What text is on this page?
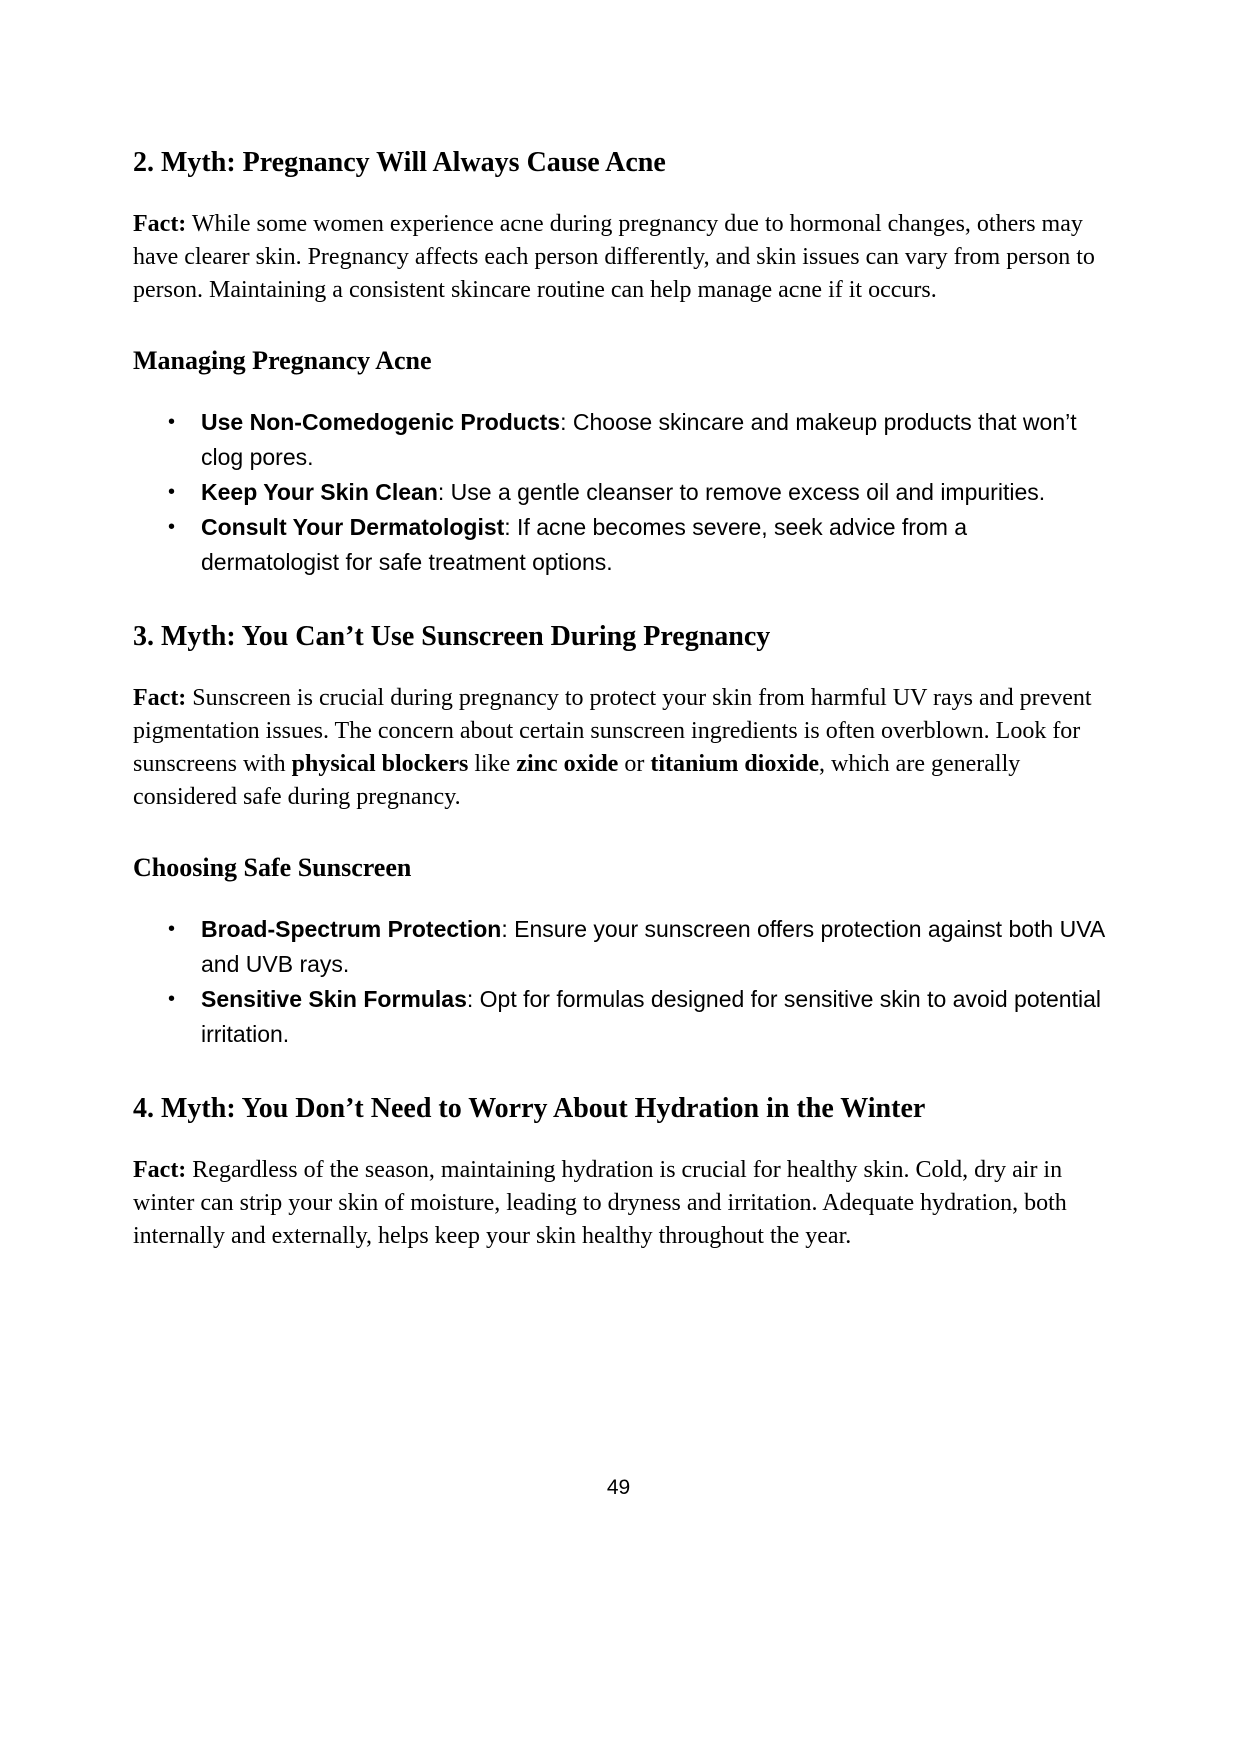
2. Myth: Pregnancy Will Always Cause Acne

Fact: While some women experience acne during pregnancy due to hormonal changes, others may have clearer skin. Pregnancy affects each person differently, and skin issues can vary from person to person. Maintaining a consistent skincare routine can help manage acne if it occurs.

Managing Pregnancy Acne
• Use Non-Comedogenic Products: Choose skincare and makeup products that won’t clog pores.
• Keep Your Skin Clean: Use a gentle cleanser to remove excess oil and impurities.
• Consult Your Dermatologist: If acne becomes severe, seek advice from a dermatologist for safe treatment options.
3. Myth: You Can’t Use Sunscreen During Pregnancy

Fact: Sunscreen is crucial during pregnancy to protect your skin from harmful UV rays and prevent pigmentation issues. The concern about certain sunscreen ingredients is often overblown. Look for sunscreens with physical blockers like zinc oxide or titanium dioxide, which are generally considered safe during pregnancy.

Choosing Safe Sunscreen
• Broad-Spectrum Protection: Ensure your sunscreen offers protection against both UVA and UVB rays.
• Sensitive Skin Formulas: Opt for formulas designed for sensitive skin to avoid potential irritation.
4. Myth: You Don’t Need to Worry About Hydration in the Winter

Fact: Regardless of the season, maintaining hydration is crucial for healthy skin. Cold, dry air in winter can strip your skin of moisture, leading to dryness and irritation. Adequate hydration, both internally and externally, helps keep your skin healthy throughout the year.

49
